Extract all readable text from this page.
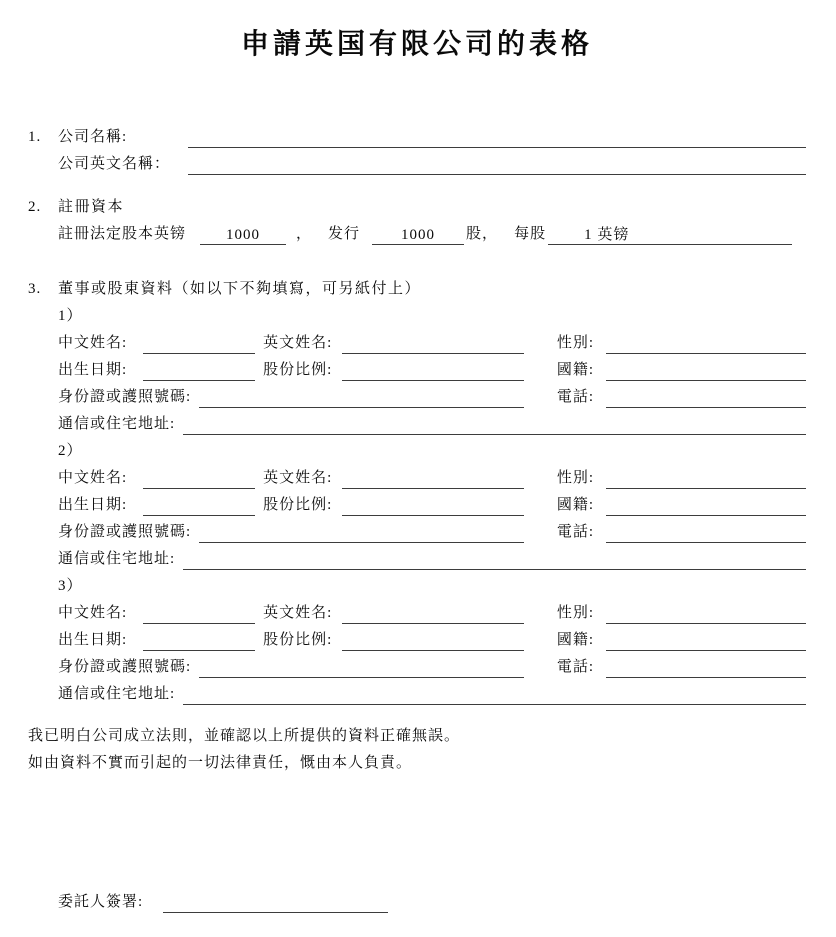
申請英国有限公司的表格
1.	公司名稱:
公司英文名稱：
2.	註冊資本
註冊法定股本英镑	1000	， 发行	1000	股， 每股	1 英镑
3.	董事或股東資料（如以下不夠填寫，可另紙付上）
1）
中文姓名:	英文姓名:	性別:
出生日期:	股份比例:	國籍:
身份證或護照號碼:	電話:
通信或住宅地址:
2）
中文姓名:	英文姓名:	性別:
出生日期:	股份比例:	國籍:
身份證或護照號碼:	電話:
通信或住宅地址:
3）
中文姓名:	英文姓名:	性別:
出生日期:	股份比例:	國籍:
身份證或護照號碼:	電話:
通信或住宅地址:
我已明白公司成立法則，並確認以上所提供的資料正確無誤。
如由資料不實而引起的一切法律責任，慨由本人負責。
委託人簽署:
